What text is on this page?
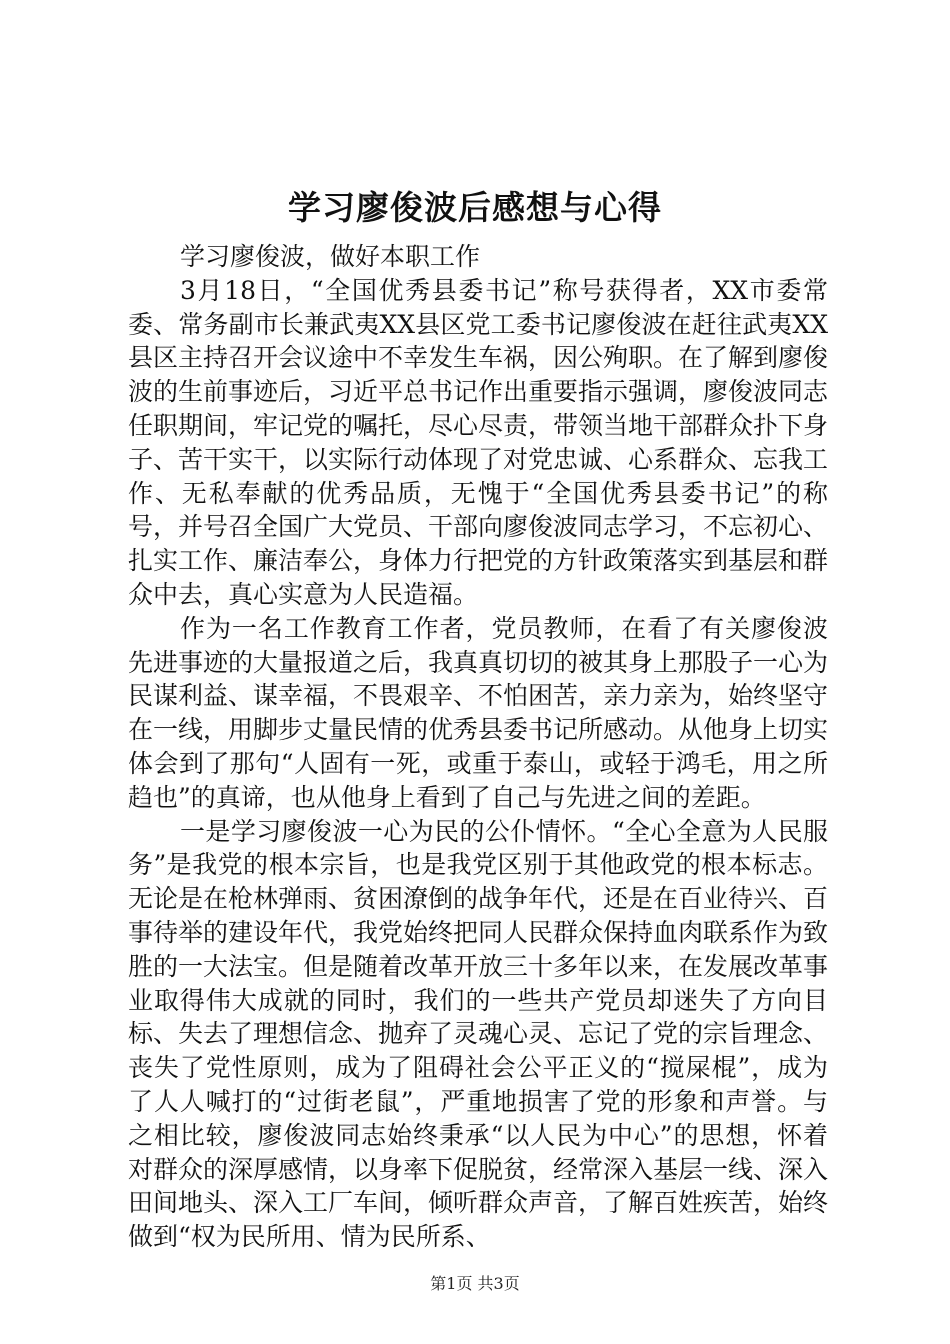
学习廖俊波后感想与心得

学习廖俊波，做好本职工作

3月18日，“全国优秀县委书记”称号获得者，XX市委常委、常务副市长兼武夷XX县区党工委书记廖俊波在赶往武夷XX县区主持召开会议途中不幸发生车祸，因公殉职。在了解到廖俊波的生前事迹后，习近平总书记作出重要指示强调，廖俊波同志任职期间，牢记党的嘱托，尽心尽责，带领当地干部群众扑下身子、苦干实干，以实际行动体现了对党忠诚、心系群众、忘我工作、无私奉献的优秀品质，无愧于“全国优秀县委书记”的称号，并号召全国广大党员、干部向廖俊波同志学习，不忘初心、扎实工作、廉洁奉公，身体力行把党的方针政策落实到基层和群众中去，真心实意为人民造福。

作为一名工作教育工作者，党员教师，在看了有关廖俊波先进事迹的大量报道之后，我真真切切的被其身上那股子一心为民谋利益、谋幸福，不畏艰辛、不怕困苦，亲力亲为，始终坚守在一线，用脚步丈量民情的优秀县委书记所感动。从他身上切实体会到了那句“人固有一死，或重于泰山，或轻于鸿毛，用之所趋也”的真谛，也从他身上看到了自己与先进之间的差距。

一是学习廖俊波一心为民的公仆情怀。“全心全意为人民服务”是我党的根本宗旨，也是我党区别于其他政党的根本标志。无论是在枪林弹雨、贫困潦倒的战争年代，还是在百业待兴、百事待举的建设年代，我党始终把同人民群众保持血肉联系作为致胜的一大法宝。但是随着改革开放三十多年以来，在发展改革事业取得伟大成就的同时，我们的一些共产党员却迷失了方向目标、失去了理想信念、抛弃了灵魂心灵、忘记了党的宗旨理念、丧失了党性原则，成为了阻碍社会公平正义的“搅屎棍”，成为了人人喊打的“过街老鼠”，严重地损害了党的形象和声誉。与之相比较，廖俊波同志始终秉承“以人民为中心”的思想，怀着对群众的深厚感情，以身率下促脱贫，经常深入基层一线、深入田间地头、深入工厂车间，倾听群众声音，了解百姓疾苦，始终做到“权为民所用、情为民所系、

第1页 共3页
